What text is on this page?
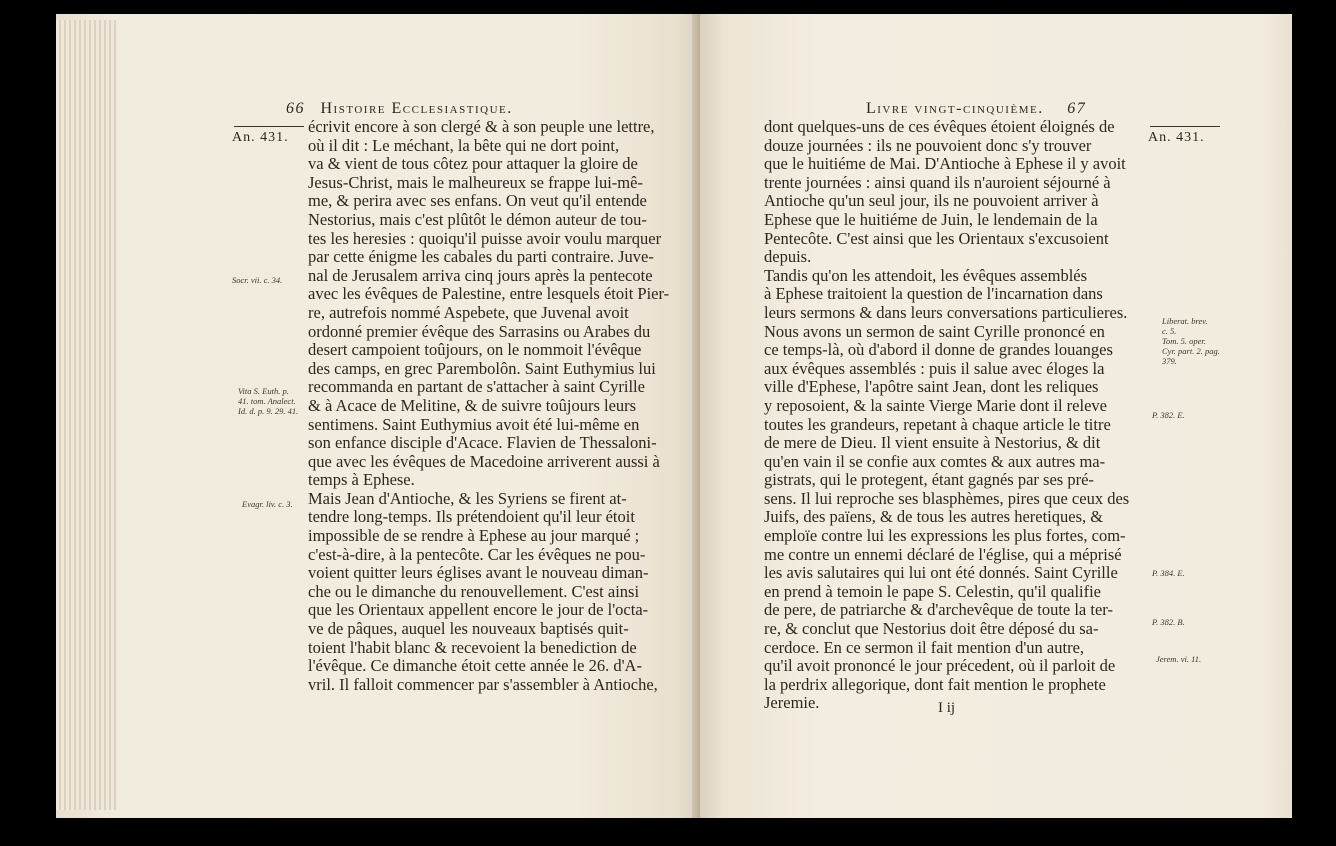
66 Histoire Ecclesiastique.
An. 431.
écrivit encore à son clergé & à son peuple une lettre,
où il dit : Le méchant, la bête qui ne dort point,
va & vient de tous côtez pour attaquer la gloire de
Jesus-Christ, mais le malheureux se frappe lui-mê-
me, & perira avec ses enfans. On veut qu'il entende
Nestorius, mais c'est plûtôt le démon auteur de tou-
tes les heresies : quoiqu'il puisse avoir voulu marquer
par cette énigme les cabales du parti contraire. Juve-
nal de Jerusalem arriva cinq jours après la pentecote
avec les évêques de Palestine, entre lesquels étoit Pier-
re, autrefois nommé Aspebete, que Juvenal avoit
ordonné premier évêque des Sarrasins ou Arabes du
desert campoient toûjours, on le nommoit l'évêque
des camps, en grec Parembolôn. Saint Euthymius lui
recommanda en partant de s'attacher à saint Cyrille
& à Acace de Melitine, & de suivre toûjours leurs
sentimens. Saint Euthymius avoit été lui-même en
son enfance disciple d'Acace. Flavien de Thessaloni-
que avec les évêques de Macedoine arriverent aussi à
temps à Ephese.
Mais Jean d'Antioche, & les Syriens se firent at-
tendre long-temps. Ils prétendoient qu'il leur étoit
impossible de se rendre à Ephese au jour marqué ;
c'est-à-dire, à la pentecôte. Car les évêques ne pou-
voient quitter leurs églises avant le nouveau diman-
che ou le dimanche du renouvellement. C'est ainsi
que les Orientaux appellent encore le jour de l'octa-
ve de pâques, auquel les nouveaux baptisés quit-
toient l'habit blanc & recevoient la benediction de
l'évêque. Ce dimanche étoit cette année le 26. d'A-
vril. Il falloit commencer par s'assembler à Antioche,
Socr. vii. c. 34.
Vita S. Euth. p.
41. tom. Analect.
Id. d. p. 9. 29. 41.
Evagr. liv. c. 3.
Livre vingt-cinquième. 67
An. 431.
dont quelques-uns de ces évêques étoient éloignés de
douze journées : ils ne pouvoient donc s'y trouver
que le huitiéme de Mai. D'Antioche à Ephese il y avoit
trente journées : ainsi quand ils n'auroient séjourné à
Antioche qu'un seul jour, ils ne pouvoient arriver à
Ephese que le huitiéme de Juin, le lendemain de la
Pentecôte. C'est ainsi que les Orientaux s'excusoient
depuis.
Tandis qu'on les attendoit, les évêques assemblés
à Ephese traitoient la question de l'incarnation dans
leurs sermons & dans leurs conversations particulieres.
Nous avons un sermon de saint Cyrille prononcé en
ce temps-là, où d'abord il donne de grandes louanges
aux évêques assemblés : puis il salue avec éloges la
ville d'Ephese, l'apôtre saint Jean, dont les reliques
y reposoient, & la sainte Vierge Marie dont il releve
toutes les grandeurs, repetant à chaque article le titre
de mere de Dieu. Il vient ensuite à Nestorius, & dit
qu'en vain il se confie aux comtes & aux autres ma-
gistrats, qui le protegent, étant gagnés par ses pré-
sens. Il lui reproche ses blasphèmes, pires que ceux des
Juifs, des païens, & de tous les autres heretiques, &
emploïe contre lui les expressions les plus fortes, com-
me contre un ennemi déclaré de l'église, qui a méprisé
les avis salutaires qui lui ont été donnés. Saint Cyrille
en prend à temoin le pape S. Celestin, qu'il qualifie
de pere, de patriarche & d'archevêque de toute la ter-
re, & conclut que Nestorius doit être déposé du sa-
cerdoce. En ce sermon il fait mention d'un autre,
qu'il avoit prononcé le jour précedent, où il parloit de
la perdrix allegorique, dont fait mention le prophete
Jeremie.
Liberat. brev.
c. 5.
Tom. 5. oper.
Cyr. part. 2. pag.
379.
P. 382. E.
P. 384. E.
P. 382. B.
Jerem. vi. 11.
I ij
